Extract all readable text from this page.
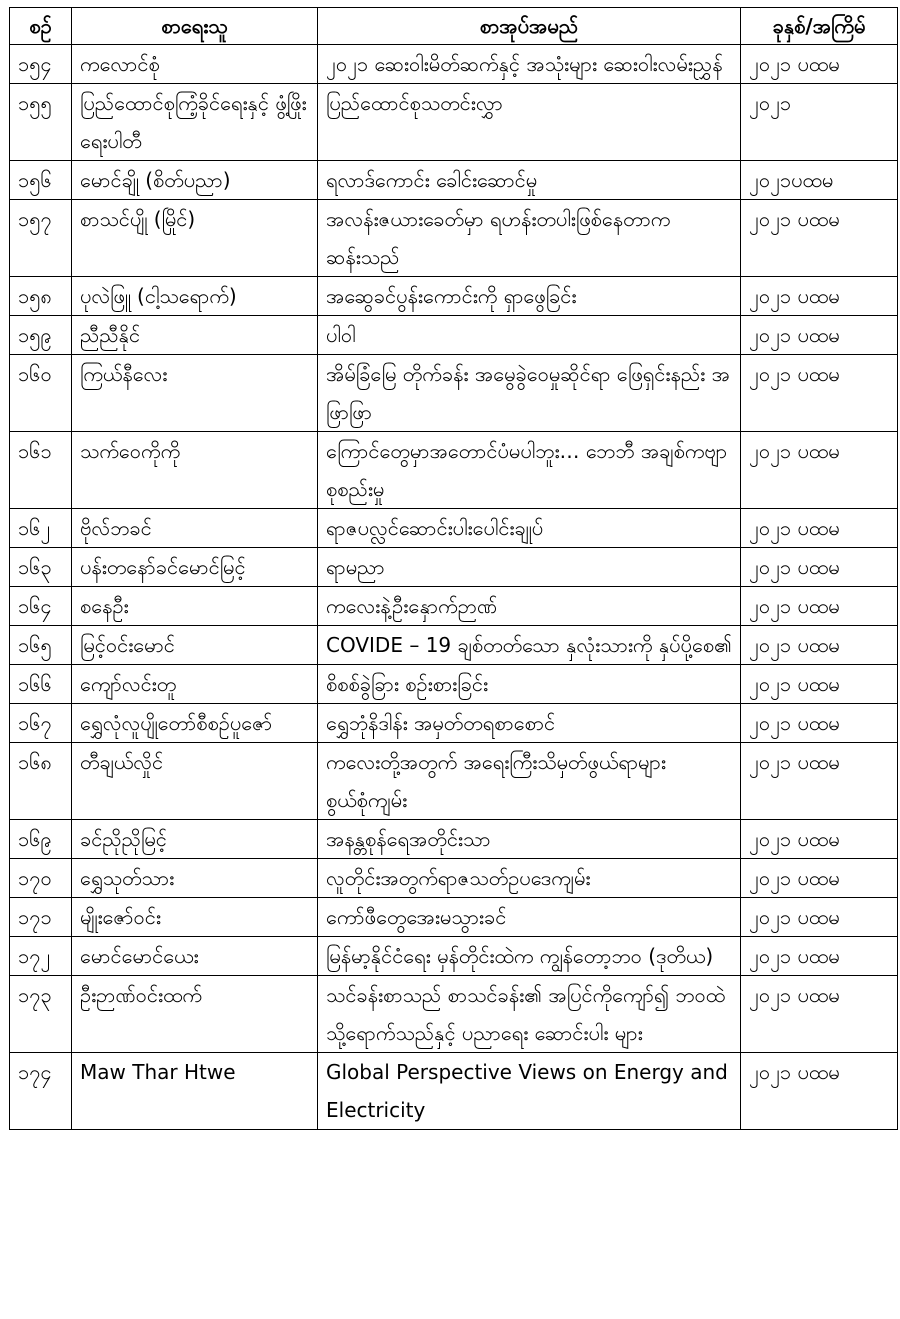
စဉ်	စာရေးသူ	စာအုပ်အမည်	ခုနှစ်/အကြိမ်
၁၅၄	ကလောင်စုံ	၂၀၂၁ ဆေးဝါးမိတ်ဆက်နှင့် အသုံးများ ဆေးဝါးလမ်းညွှန်	၂၀၂၁ ပထမ
၁၅၅	ပြည်ထောင်စုကြံ့ခိုင်ရေးနှင့် ဖွံ့ဖြိုးရေးပါတီ	ပြည်ထောင်စုသတင်းလွှာ	၂၀၂၁
၁၅၆	မောင်ချို (စိတ်ပညာ)	ရလာဒ်ကောင်း ခေါင်းဆောင်မှု	၂၀၂၁ပထမ
၁၅၇	စာသင်ပျို (မြိုင်)	အလန်းဇယားခေတ်မှာ ရဟန်းတပါးဖြစ်နေတာက ဆန်းသည်	၂၀၂၁ ပထမ
၁၅၈	ပုလဲဖြူ (ငါ့သရောက်)	အဆွေခင်ပွန်းကောင်းကို ရှာဖွေခြင်း	၂၀၂၁ ပထမ
၁၅၉	ညီညီနိုင်	ပါဝါ	၂၀၂၁ ပထမ
၁၆၀	ကြယ်နီလေး	အိမ်ခြံမြေ တိုက်ခန်း အမွေခွဲဝေမှုဆိုင်ရာ ဖြေရှင်းနည်း အဖြာဖြာ	၂၀၂၁ ပထမ
၁၆၁	သက်ဝေကိုကို	ကြောင်တွေမှာအတောင်ပံမပါဘူး… ဘေဘီ အချစ်ကဗျာစုစည်းမှု	၂၀၂၁ ပထမ
၁၆၂	ဗိုလ်ဘခင်	ရာဇပလ္လင်ဆောင်းပါးပေါင်းချုပ်	၂၀၂၁ ပထမ
၁၆၃	ပန်းတနော်ခင်မောင်မြင့်	ရာမညာ	၂၀၂၁ ပထမ
၁၆၄	စနေဦး	ကလေးနဲ့ဦးနှောက်ဉာဏ်	၂၀၂၁ ပထမ
၁၆၅	မြင့်ဝင်းမောင်	COVIDE – 19 ချစ်တတ်သော နှလုံးသားကို နှပ်ပို့စေ၏	၂၀၂၁ ပထမ
၁၆၆	ကျော်လင်းတူ	စိစစ်ခွဲခြား စဉ်းစားခြင်း	၂၀၂၁ ပထမ
၁၆၇	ရွှေလုံလူပျိုတော်စီစဉ်ပူဇော်	ရွှေဘုံနိဒါန်း အမှတ်တရစာစောင်	၂၀၂၁ ပထမ
၁၆၈	တီချယ်လှိုင်	ကလေးတို့အတွက် အရေးကြီးသိမှတ်ဖွယ်ရာများ စွယ်စုံကျမ်း	၂၀၂၁ ပထမ
၁၆၉	ခင်ညိုညိုမြင့်	အနန္တစုန်ရေအတိုင်းသာ	၂၀၂၁ ပထမ
၁၇၀	ရွှေသုတ်သား	လူတိုင်းအတွက်ရာဇသတ်ဥပဒေကျမ်း	၂၀၂၁ ပထမ
၁၇၁	မျိုးဇော်ဝင်း	ကော်ဖီတွေအေးမသွားခင်	၂၀၂၁ ပထမ
၁၇၂	မောင်မောင်ယေး	မြန်မာ့နိုင်ငံရေး မှန်တိုင်းထဲက ကျွန်တော့ဘဝ (ဒုတိယ)	၂၀၂၁ ပထမ
၁၇၃	ဦးဉာဏ်ဝင်းထက်	သင်ခန်းစာသည် စာသင်ခန်း၏ အပြင်ကိုကျော်၍ ဘဝထဲသို့ရောက်သည်နှင့် ပညာရေး ဆောင်းပါး များ	၂၀၂၁ ပထမ
၁၇၄	Maw Thar Htwe	Global Perspective Views on Energy and Electricity	၂၀၂၁ ပထမ
